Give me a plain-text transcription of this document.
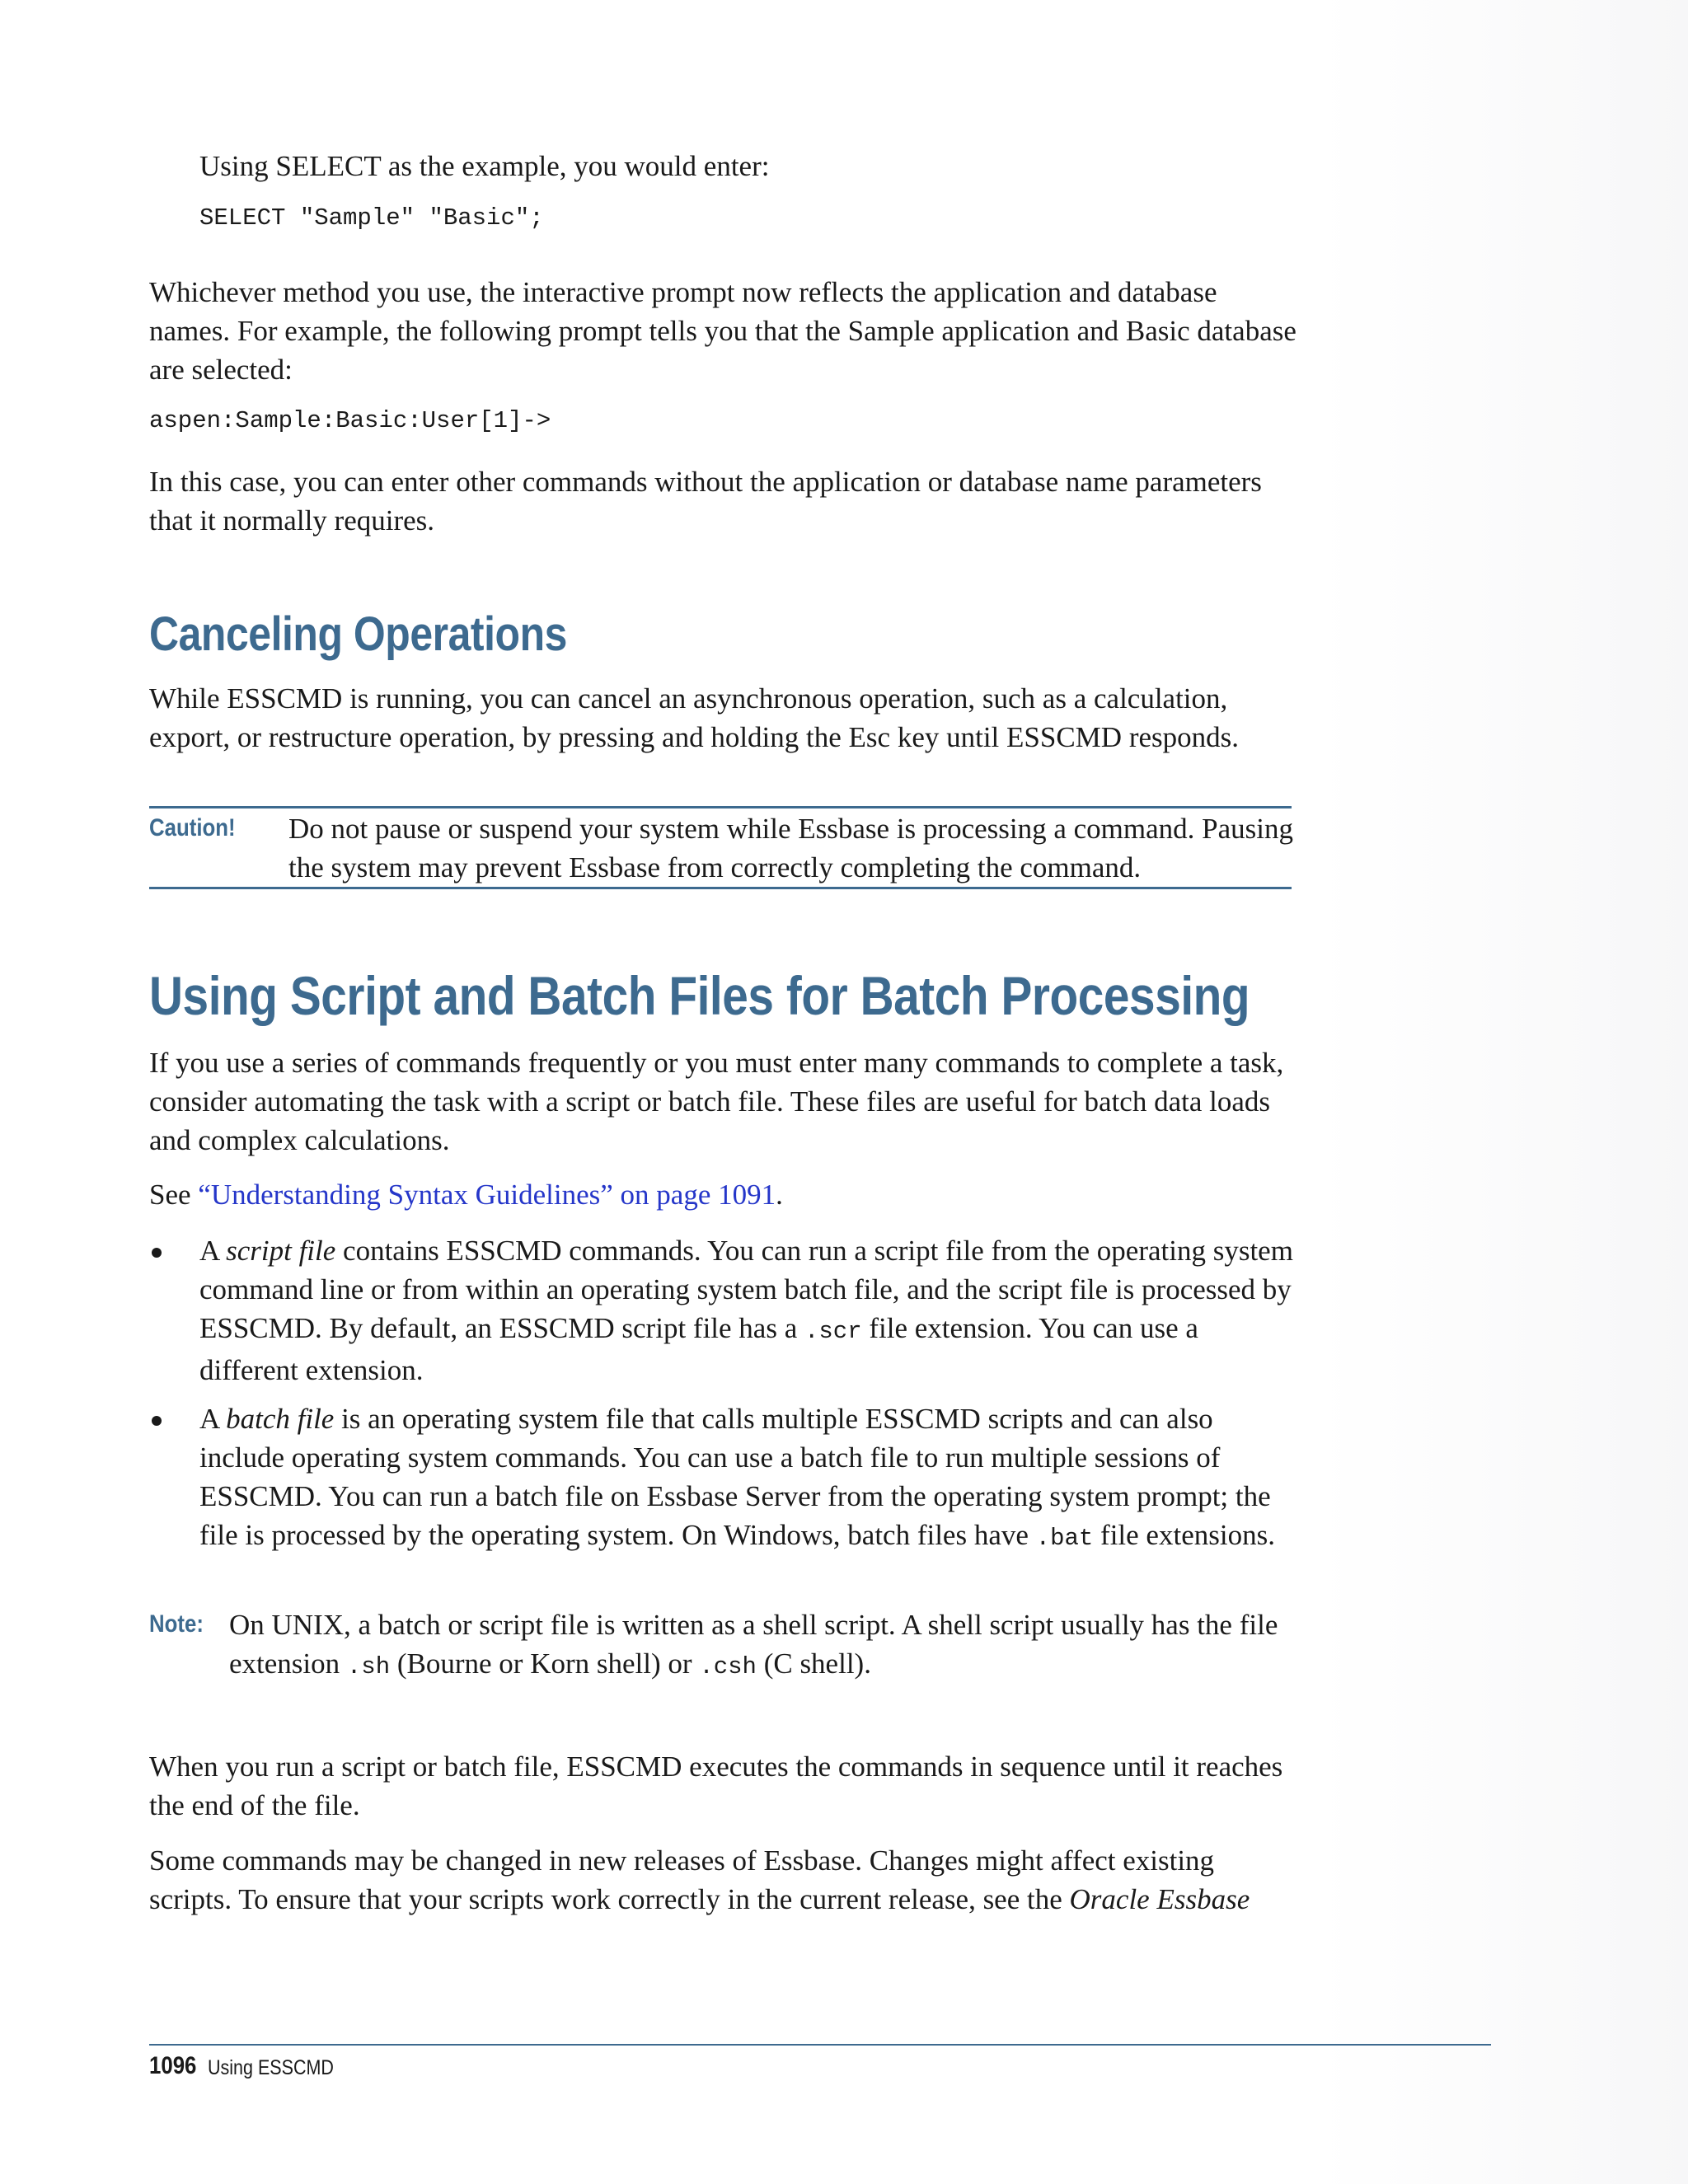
Using SELECT as the example, you would enter:

SELECT "Sample" "Basic";

Whichever method you use, the interactive prompt now reflects the application and database names. For example, the following prompt tells you that the Sample application and Basic database are selected:

aspen:Sample:Basic:User[1]->

In this case, you can enter other commands without the application or database name parameters that it normally requires.

Canceling Operations

While ESSCMD is running, you can cancel an asynchronous operation, such as a calculation, export, or restructure operation, by pressing and holding the Esc key until ESSCMD responds.

Caution! Do not pause or suspend your system while Essbase is processing a command. Pausing the system may prevent Essbase from correctly completing the command.

Using Script and Batch Files for Batch Processing

If you use a series of commands frequently or you must enter many commands to complete a task, consider automating the task with a script or batch file. These files are useful for batch data loads and complex calculations.

See “Understanding Syntax Guidelines” on page 1091.

A script file contains ESSCMD commands. You can run a script file from the operating system command line or from within an operating system batch file, and the script file is processed by ESSCMD. By default, an ESSCMD script file has a .scr file extension. You can use a different extension.

A batch file is an operating system file that calls multiple ESSCMD scripts and can also include operating system commands. You can use a batch file to run multiple sessions of ESSCMD. You can run a batch file on Essbase Server from the operating system prompt; the file is processed by the operating system. On Windows, batch files have .bat file extensions.

Note: On UNIX, a batch or script file is written as a shell script. A shell script usually has the file extension .sh (Bourne or Korn shell) or .csh (C shell).

When you run a script or batch file, ESSCMD executes the commands in sequence until it reaches the end of the file.

Some commands may be changed in new releases of Essbase. Changes might affect existing scripts. To ensure that your scripts work correctly in the current release, see the Oracle Essbase

1096 Using ESSCMD
